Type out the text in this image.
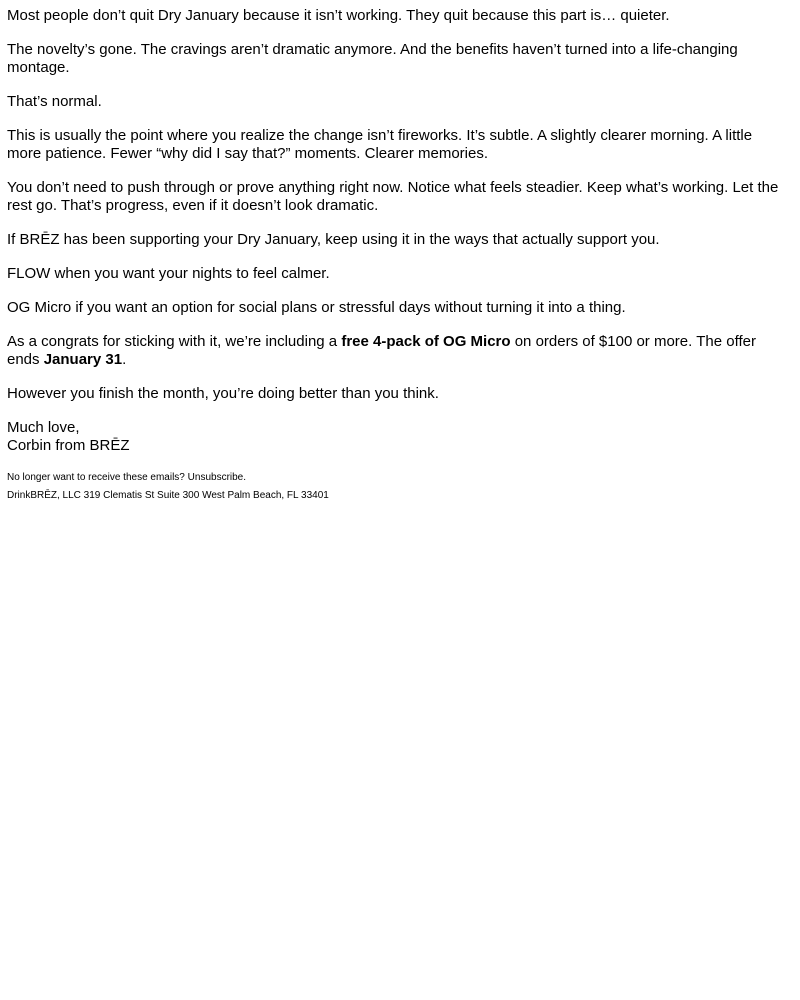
Most people don’t quit Dry January because it isn’t working. They quit because this part is… quieter.

The novelty’s gone. The cravings aren’t dramatic anymore. And the benefits haven’t turned into a life-changing montage.

That’s normal.

This is usually the point where you realize the change isn’t fireworks. It’s subtle. A slightly clearer morning. A little more patience. Fewer “why did I say that?” moments. Clearer memories.

You don’t need to push through or prove anything right now. Notice what feels steadier. Keep what’s working. Let the rest go. That’s progress, even if it doesn’t look dramatic.

If BRĒZ has been supporting your Dry January, keep using it in the ways that actually support you.

FLOW when you want your nights to feel calmer.

OG Micro if you want an option for social plans or stressful days without turning it into a thing.

As a congrats for sticking with it, we’re including a free 4-pack of OG Micro on orders of $100 or more. The offer ends January 31.

However you finish the month, you’re doing better than you think.

Much love,
Corbin from BRĒZ

No longer want to receive these emails? Unsubscribe.

DrinkBRĒZ, LLC 319 Clematis St Suite 300 West Palm Beach, FL 33401
